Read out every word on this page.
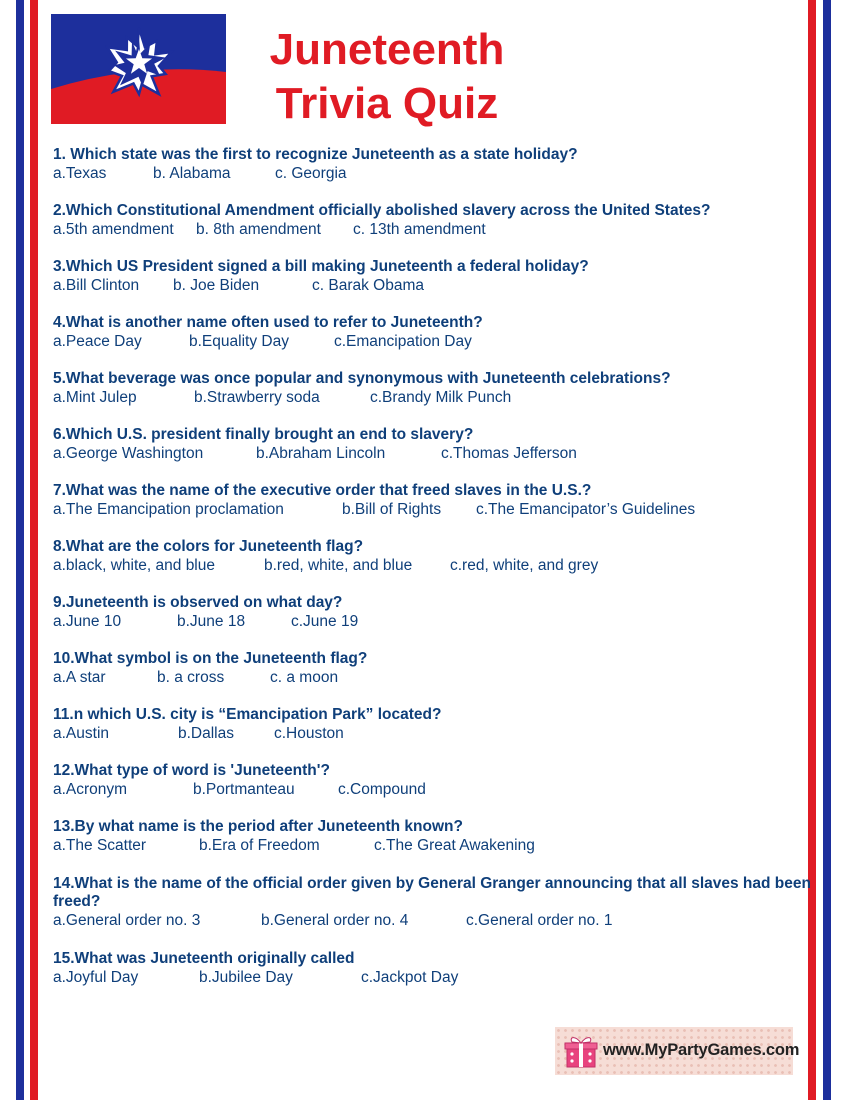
Juneteenth
Trivia Quiz
1. Which state was the first to recognize Juneteenth as a state holiday?
a.Texas	b. Alabama	c. Georgia
2.Which Constitutional Amendment officially abolished slavery across the United States?
a.5th amendment b. 8th amendment c. 13th amendment
3.Which US President signed a bill making Juneteenth a federal holiday?
a.Bill Clinton b. Joe Biden	c. Barak Obama
4.What is another name often used to refer to Juneteenth?
a.Peace Day	b.Equality Day	c.Emancipation Day
5.What beverage was once popular and synonymous with Juneteenth celebrations?
a.Mint Julep	b.Strawberry soda	c.Brandy Milk Punch
6.Which U.S. president finally brought an end to slavery?
a.George Washington	b.Abraham Lincoln	c.Thomas Jefferson
7.What was the name of the executive order that freed slaves in the U.S.?
a.The Emancipation proclamation	b.Bill of Rights c.The Emancipator’s Guidelines
8.What are the colors for Juneteenth flag?
a.black, white, and blue	b.red, white, and blue c.red, white, and grey
9.Juneteenth is observed on what day?
a.June 10	b.June 18	c.June 19
10.What symbol is on the Juneteenth flag?
a.A star	b. a cross	c. a moon
11.n which U.S. city is “Emancipation Park” located?
a.Austin	b.Dallas	c.Houston
12.What type of word is 'Juneteenth'?
a.Acronym	b.Portmanteau	c.Compound
13.By what name is the period after Juneteenth known?
a.The Scatter	b.Era of Freedom	c.The Great Awakening
14.What is the name of the official order given by General Granger announcing that all slaves had been freed?
a.General order no. 3	b.General order no. 4	c.General order no. 1
15.What was Juneteenth originally called
a.Joyful Day	b.Jubilee Day	c.Jackpot Day
www.MyPartyGames.com
